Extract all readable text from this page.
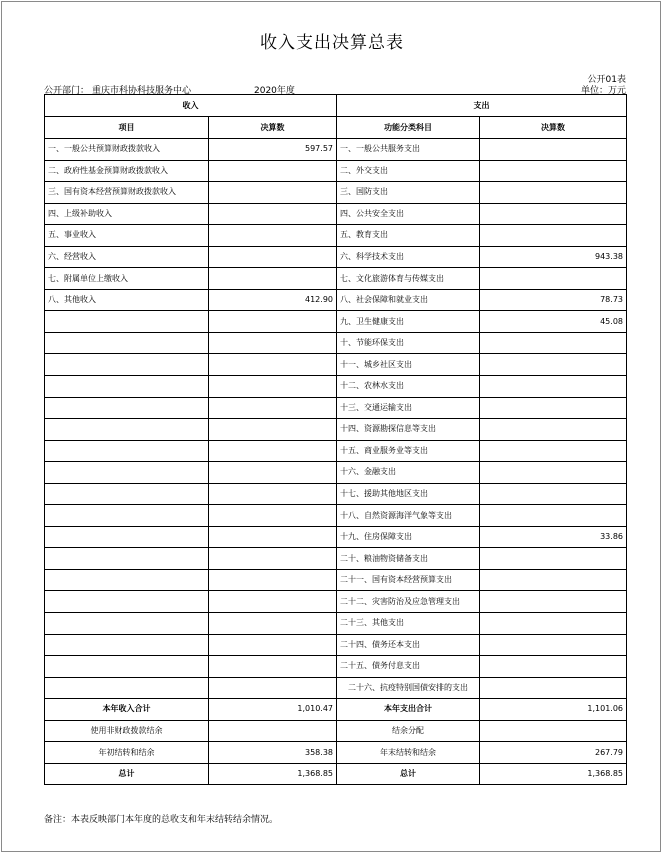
收入支出决算总表
公开01表
公开部门： 重庆市科协科技服务中心	2020年度	单位：万元
收入		支出	
项目	决算数	功能分类科目	决算数
一、一般公共预算财政拨款收入	597.57	一、一般公共服务支出	
二、政府性基金预算财政拨款收入		二、外交支出	
三、国有资本经营预算财政拨款收入		三、国防支出	
四、上级补助收入		四、公共安全支出	
五、事业收入		五、教育支出	
六、经营收入		六、科学技术支出	943.38
七、附属单位上缴收入		七、文化旅游体育与传媒支出	
八、其他收入	412.90	八、社会保障和就业支出	78.73
		九、卫生健康支出	45.08
		十、节能环保支出	
		十一、城乡社区支出	
		十二、农林水支出	
		十三、交通运输支出	
		十四、资源勘探信息等支出	
		十五、商业服务业等支出	
		十六、金融支出	
		十七、援助其他地区支出	
		十八、自然资源海洋气象等支出	
		十九、住房保障支出	33.86
		二十、粮油物资储备支出	
		二十一、国有资本经营预算支出	
		二十二、灾害防治及应急管理支出	
		二十三、其他支出	
		二十四、债务还本支出	
		二十五、债务付息支出	
		二十六、抗疫特别国债安排的支出	
本年收入合计	1,010.47	本年支出合计	1,101.06
使用非财政拨款结余		结余分配	
年初结转和结余	358.38	年末结转和结余	267.79
总计	1,368.85	总计	1,368.85
备注：本表反映部门本年度的总收支和年末结转结余情况。
